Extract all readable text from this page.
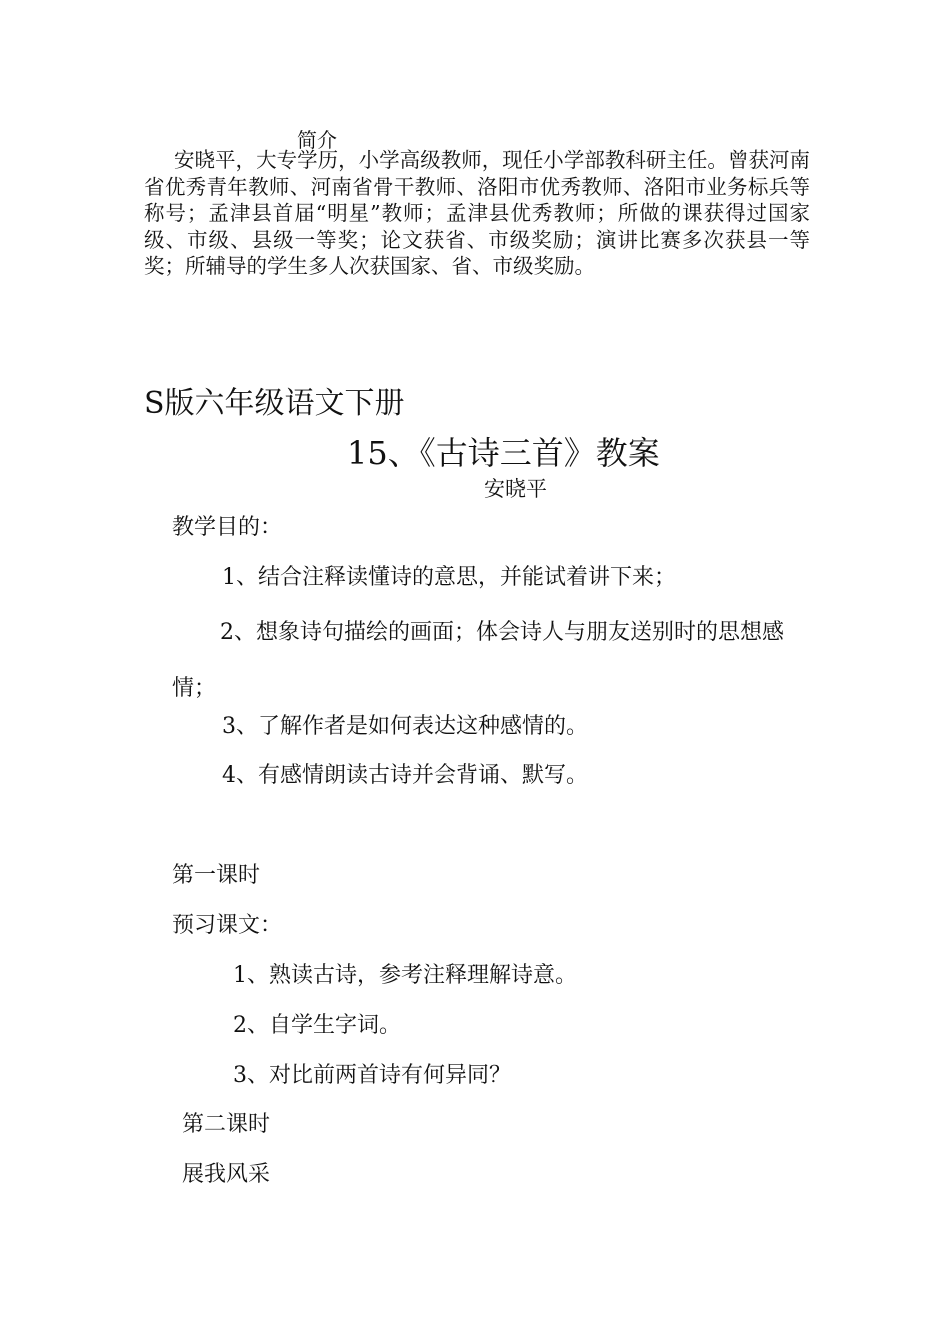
简介
安晓平，大专学历，小学高级教师，现任小学部教科研主任。曾获河南省优秀青年教师、河南省骨干教师、洛阳市优秀教师、洛阳市业务标兵等称号；孟津县首届“明星”教师；孟津县优秀教师；所做的课获得过国家级、市级、县级一等奖；论文获省、市级奖励；演讲比赛多次获县一等奖；所辅导的学生多人次获国家、省、市级奖励。
S版六年级语文下册
15、《古诗三首》教案
安晓平
教学目的：
1、结合注释读懂诗的意思，并能试着讲下来；
2、想象诗句描绘的画面；体会诗人与朋友送别时的思想感情；
3、了解作者是如何表达这种感情的。
4、有感情朗读古诗并会背诵、默写。
第一课时
预习课文：
1、熟读古诗，参考注释理解诗意。
2、自学生字词。
3、对比前两首诗有何异同？
第二课时
展我风采
